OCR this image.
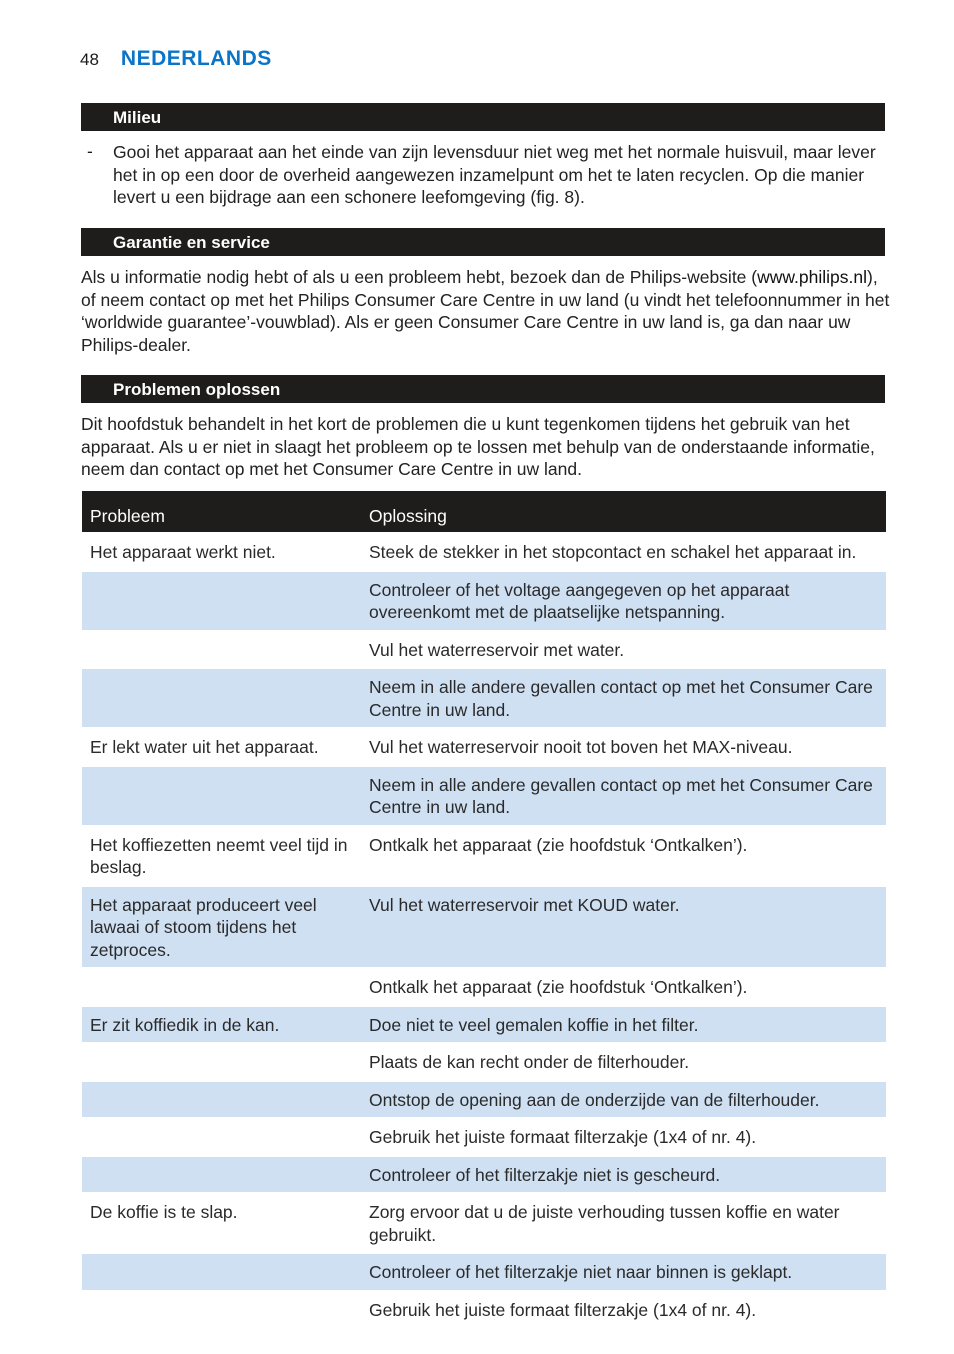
48 NEDERLANDS
Milieu
- Gooi het apparaat aan het einde van zijn levensduur niet weg met het normale huisvuil, maar lever het in op een door de overheid aangewezen inzamelpunt om het te laten recyclen. Op die manier levert u een bijdrage aan een schonere leefomgeving (fig. 8).
Garantie en service
Als u informatie nodig hebt of als u een probleem hebt, bezoek dan de Philips-website (www.philips.nl), of neem contact op met het Philips Consumer Care Centre in uw land (u vindt het telefoonnummer in het ‘worldwide guarantee’-vouwblad). Als er geen Consumer Care Centre in uw land is, ga dan naar uw Philips-dealer.
Problemen oplossen
Dit hoofdstuk behandelt in het kort de problemen die u kunt tegenkomen tijdens het gebruik van het apparaat. Als u er niet in slaagt het probleem op te lossen met behulp van de onderstaande informatie, neem dan contact op met het Consumer Care Centre in uw land.
Probleem	Oplossing
Het apparaat werkt niet.	Steek de stekker in het stopcontact en schakel het apparaat in.
	Controleer of het voltage aangegeven op het apparaat overeenkomt met de plaatselijke netspanning.
	Vul het waterreservoir met water.
	Neem in alle andere gevallen contact op met het Consumer Care Centre in uw land.
Er lekt water uit het apparaat.	Vul het waterreservoir nooit tot boven het MAX-niveau.
	Neem in alle andere gevallen contact op met het Consumer Care Centre in uw land.
Het koffiezetten neemt veel tijd in beslag.	Ontkalk het apparaat (zie hoofdstuk ‘Ontkalken’).
Het apparaat produceert veel lawaai of stoom tijdens het zetproces.	Vul het waterreservoir met KOUD water.
	Ontkalk het apparaat (zie hoofdstuk ‘Ontkalken’).
Er zit koffiedik in de kan.	Doe niet te veel gemalen koffie in het filter.
	Plaats de kan recht onder de filterhouder.
	Ontstop de opening aan de onderzijde van de filterhouder.
	Gebruik het juiste formaat filterzakje (1x4 of nr. 4).
	Controleer of het filterzakje niet is gescheurd.
De koffie is te slap.	Zorg ervoor dat u de juiste verhouding tussen koffie en water gebruikt.
	Controleer of het filterzakje niet naar binnen is geklapt.
	Gebruik het juiste formaat filterzakje (1x4 of nr. 4).
